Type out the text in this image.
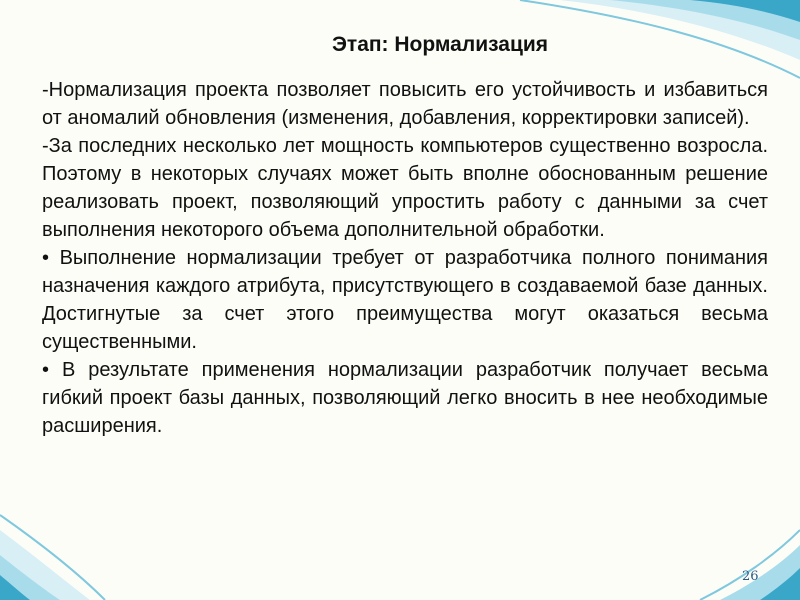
Этап: Нормализация

-Нормализация проекта позволяет повысить его устойчивость и избавиться от аномалий обновления (изменения, добавления, корректировки записей).

-За последних несколько лет мощность компьютеров существенно возросла. Поэтому в некоторых случаях может быть вполне обоснованным решение реализовать проект, позволяющий упростить работу с данными за счет выполнения некоторого объема дополнительной обработки.

• Выполнение нормализации требует от разработчика полного понимания назначения каждого атрибута, присутствующего в создаваемой базе данных. Достигнутые за счет этого преимущества могут оказаться весьма существенными.

• В результате применения нормализации разработчик получает весьма гибкий проект базы данных, позволяющий легко вносить в нее необходимые расширения.

26
